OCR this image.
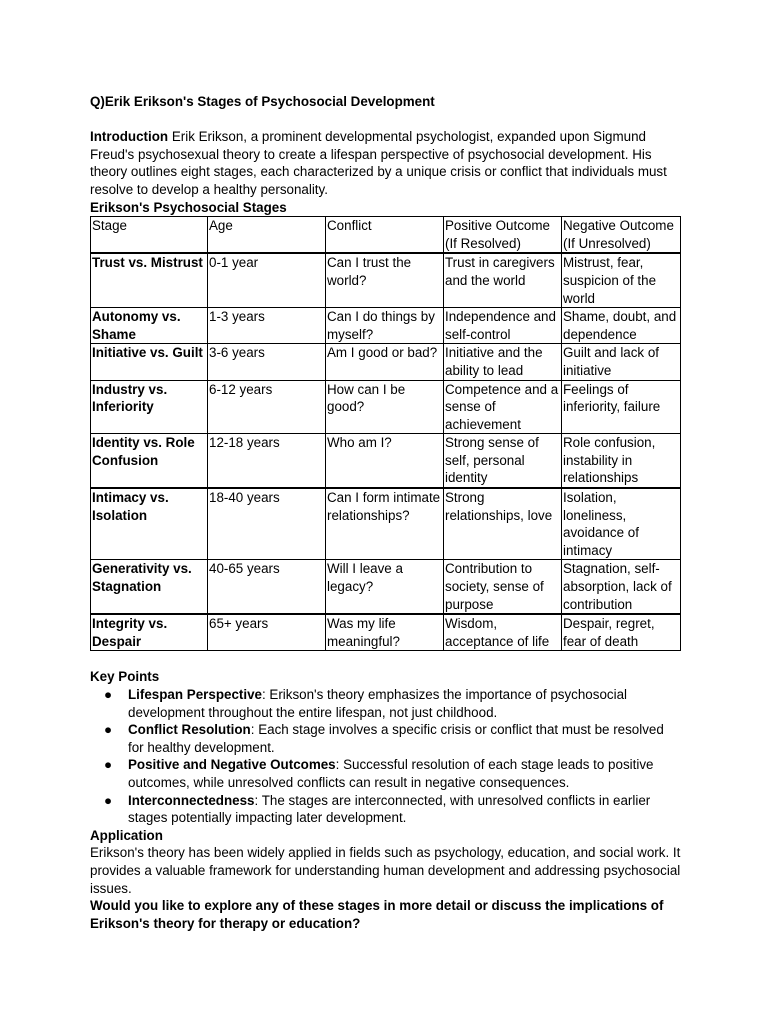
Q)Erik Erikson's Stages of Psychosocial Development

Introduction Erik Erikson, a prominent developmental psychologist, expanded upon Sigmund Freud's psychosexual theory to create a lifespan perspective of psychosocial development. His theory outlines eight stages, each characterized by a unique crisis or conflict that individuals must resolve to develop a healthy personality.

Erikson's Psychosocial Stages

Stage	Age	Conflict	Positive Outcome (If Resolved)	Negative Outcome (If Unresolved)
Trust vs. Mistrust	0-1 year	Can I trust the world?	Trust in caregivers and the world	Mistrust, fear, suspicion of the world
Autonomy vs. Shame	1-3 years	Can I do things by myself?	Independence and self-control	Shame, doubt, and dependence
Initiative vs. Guilt	3-6 years	Am I good or bad?	Initiative and the ability to lead	Guilt and lack of initiative
Industry vs. Inferiority	6-12 years	How can I be good?	Competence and a sense of achievement	Feelings of inferiority, failure
Identity vs. Role Confusion	12-18 years	Who am I?	Strong sense of self, personal identity	Role confusion, instability in relationships
Intimacy vs. Isolation	18-40 years	Can I form intimate relationships?	Strong relationships, love	Isolation, loneliness, avoidance of intimacy
Generativity vs. Stagnation	40-65 years	Will I leave a legacy?	Contribution to society, sense of purpose	Stagnation, self-absorption, lack of contribution
Integrity vs. Despair	65+ years	Was my life meaningful?	Wisdom, acceptance of life	Despair, regret, fear of death

Key Points

● Lifespan Perspective: Erikson's theory emphasizes the importance of psychosocial development throughout the entire lifespan, not just childhood.
● Conflict Resolution: Each stage involves a specific crisis or conflict that must be resolved for healthy development.
● Positive and Negative Outcomes: Successful resolution of each stage leads to positive outcomes, while unresolved conflicts can result in negative consequences.
● Interconnectedness: The stages are interconnected, with unresolved conflicts in earlier stages potentially impacting later development.

Application

Erikson's theory has been widely applied in fields such as psychology, education, and social work. It provides a valuable framework for understanding human development and addressing psychosocial issues.

Would you like to explore any of these stages in more detail or discuss the implications of Erikson's theory for therapy or education?
